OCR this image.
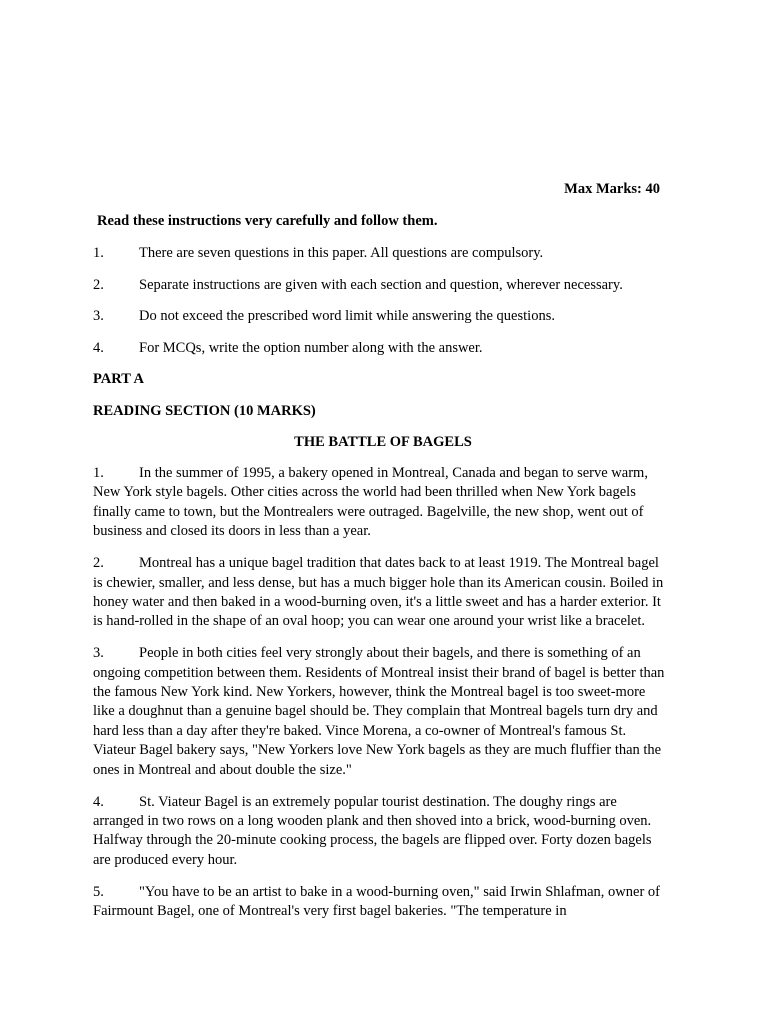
Max Marks: 40
Read these instructions very carefully and follow them.
1. There are seven questions in this paper. All questions are compulsory.
2. Separate instructions are given with each section and question, wherever necessary.
3. Do not exceed the prescribed word limit while answering the questions.
4. For MCQs, write the option number along with the answer.
PART A
READING SECTION (10 MARKS)
THE BATTLE OF BAGELS

1. In the summer of 1995, a bakery opened in Montreal, Canada and began to serve warm, New York style bagels. Other cities across the world had been thrilled when New York bagels finally came to town, but the Montrealers were outraged. Bagelville, the new shop, went out of business and closed its doors in less than a year.

2. Montreal has a unique bagel tradition that dates back to at least 1919. The Montreal bagel is chewier, smaller, and less dense, but has a much bigger hole than its American cousin. Boiled in honey water and then baked in a wood-burning oven, it's a little sweet and has a harder exterior. It is hand-rolled in the shape of an oval hoop; you can wear one around your wrist like a bracelet.

3. People in both cities feel very strongly about their bagels, and there is something of an ongoing competition between them. Residents of Montreal insist their brand of bagel is better than the famous New York kind. New Yorkers, however, think the Montreal bagel is too sweet-more like a doughnut than a genuine bagel should be. They complain that Montreal bagels turn dry and hard less than a day after they're baked. Vince Morena, a co-owner of Montreal's famous St. Viateur Bagel bakery says, "New Yorkers love New York bagels as they are much fluffier than the ones in Montreal and about double the size."

4. St. Viateur Bagel is an extremely popular tourist destination. The doughy rings are arranged in two rows on a long wooden plank and then shoved into a brick, wood-burning oven. Halfway through the 20-minute cooking process, the bagels are flipped over. Forty dozen bagels are produced every hour.

5. "You have to be an artist to bake in a wood-burning oven," said Irwin Shlafman, owner of Fairmount Bagel, one of Montreal's very first bagel bakeries. "The temperature in
